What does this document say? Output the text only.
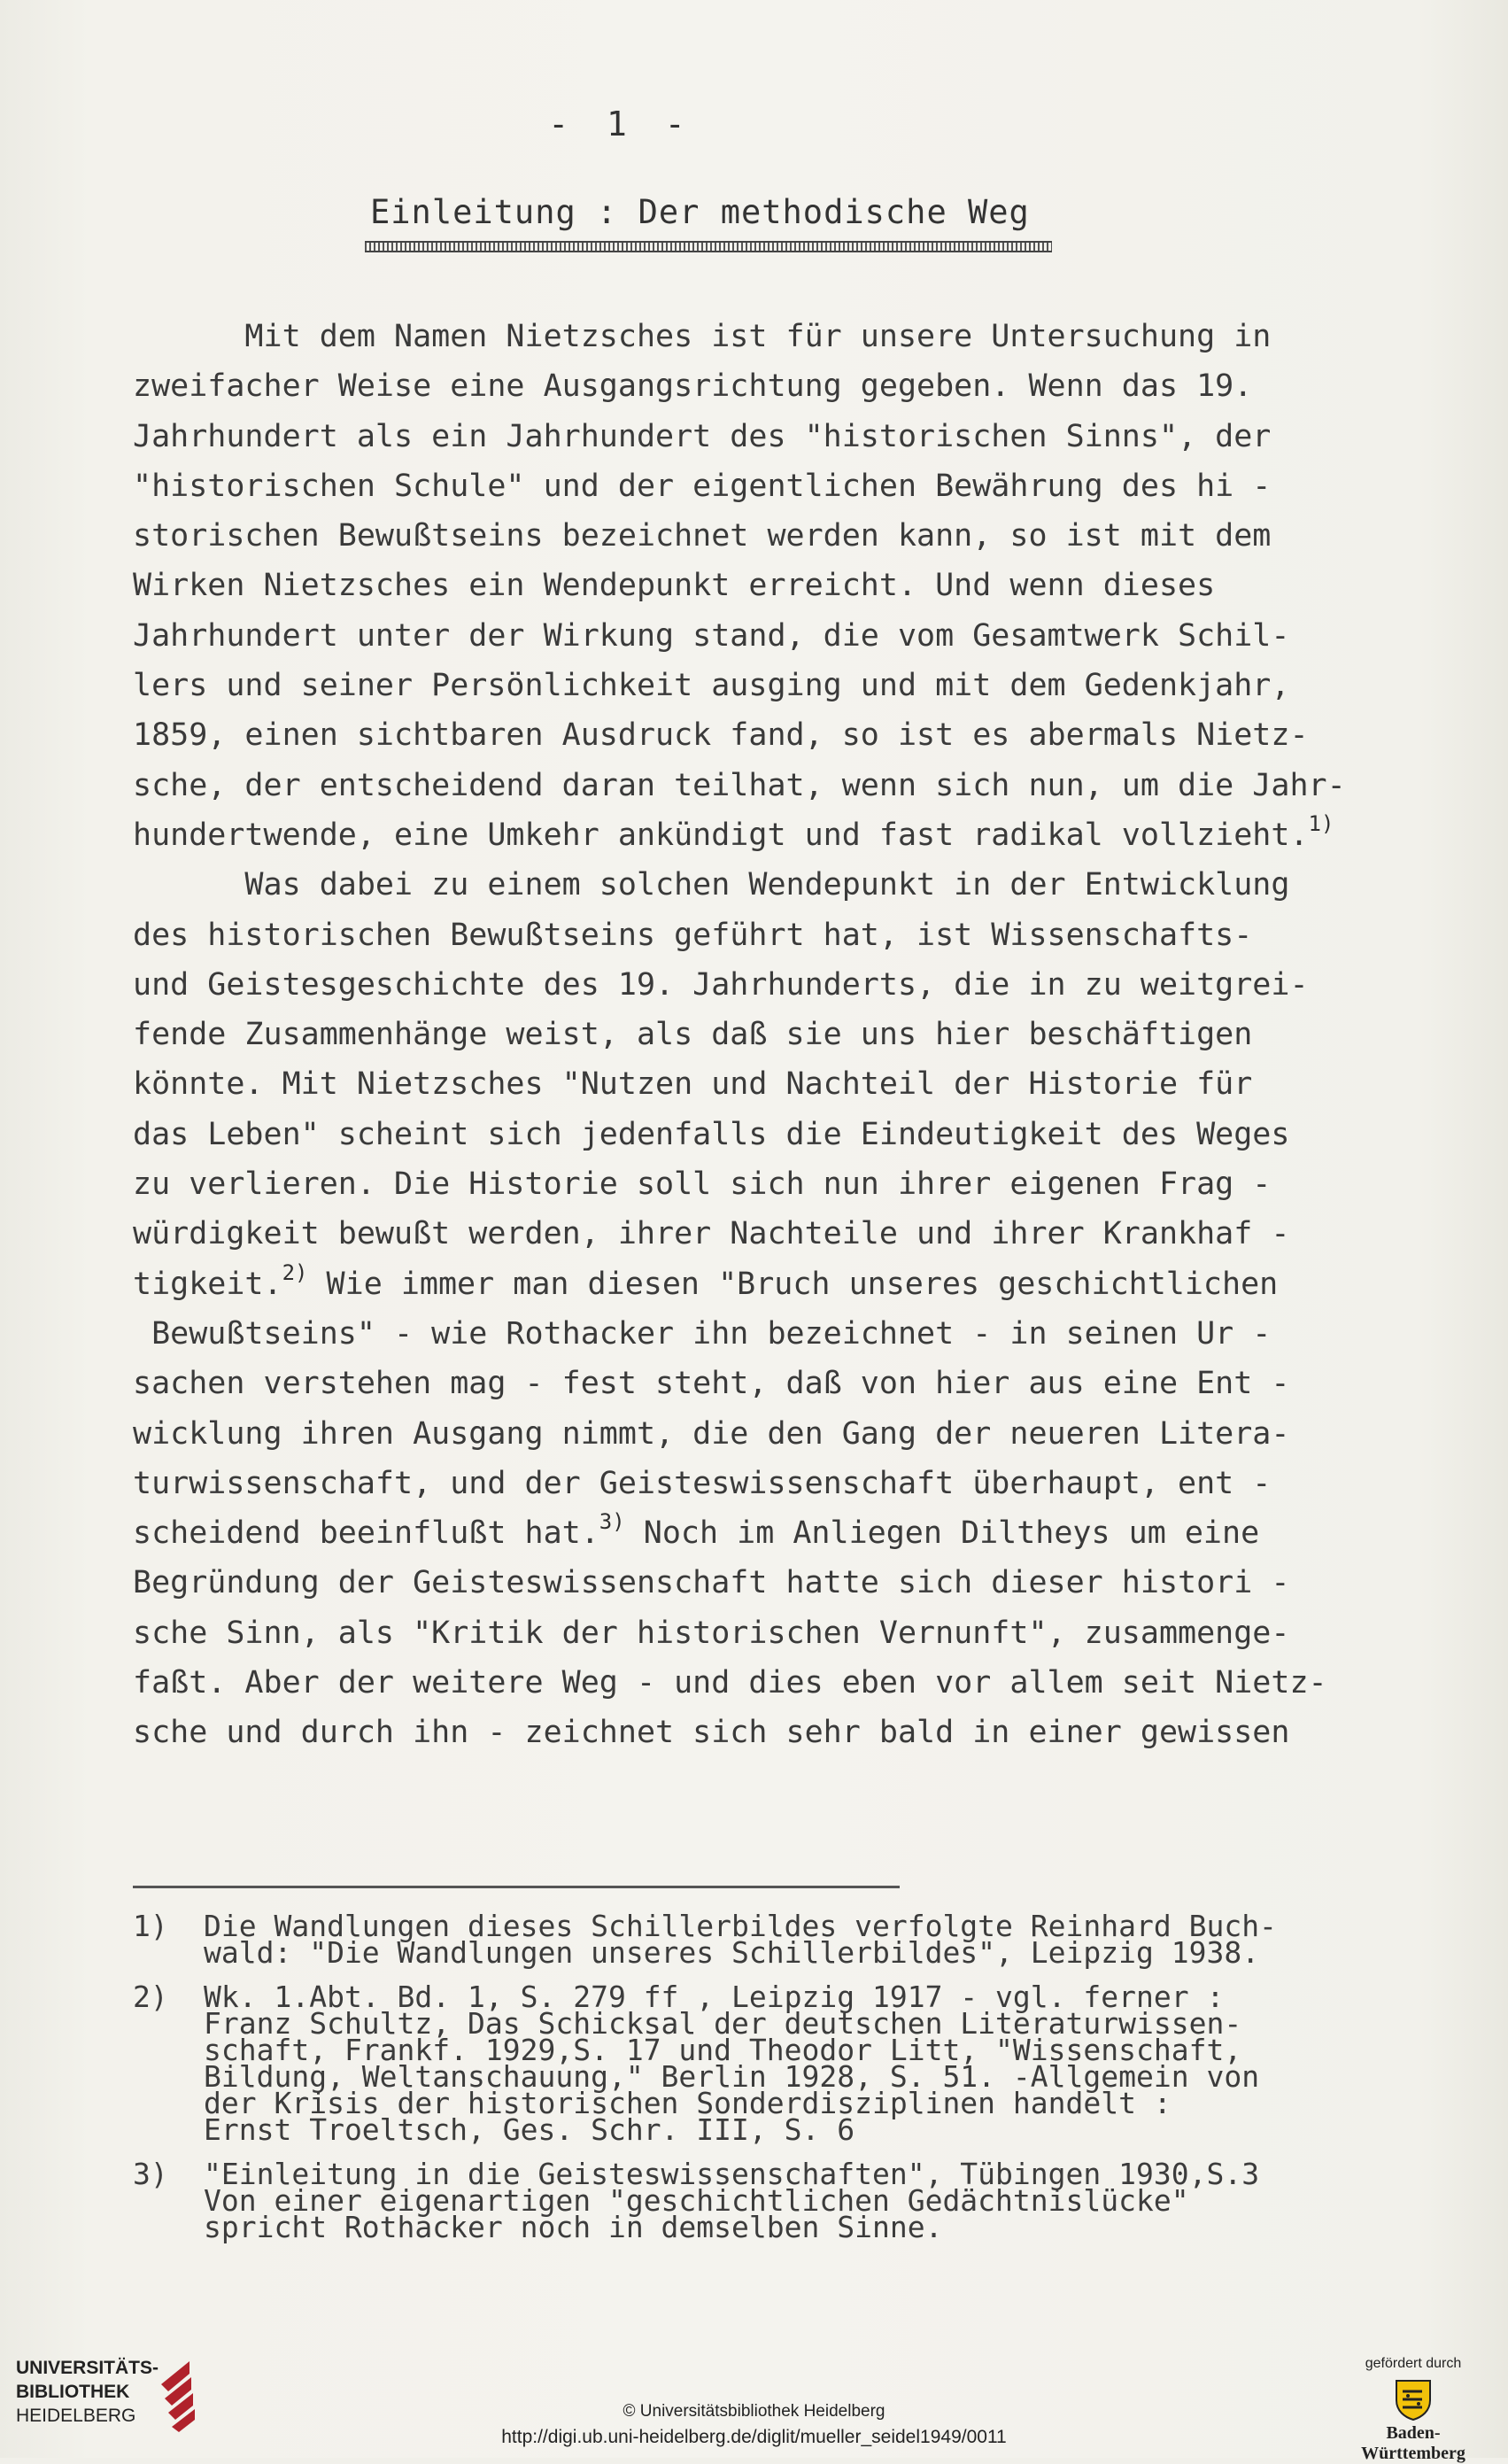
- 1 -
Einleitung : Der methodische Weg
Mit dem Namen Nietzsches ist für unsere Untersuchung in
zweifacher Weise eine Ausgangsrichtung gegeben. Wenn das 19.
Jahrhundert als ein Jahrhundert des "historischen Sinns", der
"historischen Schule" und der eigentlichen Bewährung des hi -
storischen Bewußtseins bezeichnet werden kann, so ist mit dem
Wirken Nietzsches ein Wendepunkt erreicht. Und wenn dieses
Jahrhundert unter der Wirkung stand, die vom Gesamtwerk Schil-
lers und seiner Persönlichkeit ausging und mit dem Gedenkjahr,
1859, einen sichtbaren Ausdruck fand, so ist es abermals Nietz-
sche, der entscheidend daran teilhat, wenn sich nun, um die Jahr-
hundertwende, eine Umkehr ankündigt und fast radikal vollzieht.$^{1)}$
Was dabei zu einem solchen Wendepunkt in der Entwicklung
des historischen Bewußtseins geführt hat, ist Wissenschafts-
und Geistesgeschichte des 19. Jahrhunderts, die in zu weitgrei-
fende Zusammenhänge weist, als daß sie uns hier beschäftigen
könnte. Mit Nietzsches "Nutzen und Nachteil der Historie für
das Leben" scheint sich jedenfalls die Eindeutigkeit des Weges
zu verlieren. Die Historie soll sich nun ihrer eigenen Frag -
würdigkeit bewußt werden, ihrer Nachteile und ihrer Krankhaf -
tigkeit.$^{2)}$ Wie immer man diesen "Bruch unseres geschichtlichen
Bewußtseins" - wie Rothacker ihn bezeichnet - in seinen Ur -
sachen verstehen mag - fest steht, daß von hier aus eine Ent -
wicklung ihren Ausgang nimmt, die den Gang der neueren Litera-
turwissenschaft, und der Geisteswissenschaft überhaupt, ent -
scheidend beeinflußt hat.$^{3)}$ Noch im Anliegen Diltheys um eine
Begründung der Geisteswissenschaft hatte sich dieser histori -
sche Sinn, als "Kritik der historischen Vernunft", zusammenge-
faßt. Aber der weitere Weg - und dies eben vor allem seit Nietz-
sche und durch ihn - zeichnet sich sehr bald in einer gewissen
1)	Die Wandlungen dieses Schillerbildes verfolgte Reinhard Buch-
wald: "Die Wandlungen unseres Schillerbildes", Leipzig 1938.
2)	Wk. 1.Abt. Bd. 1, S. 279 ff , Leipzig 1917 - vgl. ferner :
Franz Schultz, Das Schicksal der deutschen Literaturwissen-
schaft, Frankf. 1929,S. 17 und Theodor Litt, "Wissenschaft,
Bildung, Weltanschauung," Berlin 1928, S. 51. -Allgemein von
der Krisis der historischen Sonderdisziplinen handelt :
Ernst Troeltsch, Ges. Schr. III, S. 6
3)	"Einleitung in die Geisteswissenschaften", Tübingen 1930,S.3
Von einer eigenartigen "geschichtlichen Gedächtnislücke"
spricht Rothacker noch in demselben Sinne.
UNIVERSITÄTS-
BIBLIOTHEK
HEIDELBERG	© Universitätsbibliothek Heidelberg
http://digi.ub.uni-heidelberg.de/diglit/mueller_seidel1949/0011
gefördert durch
Baden-Württemberg
